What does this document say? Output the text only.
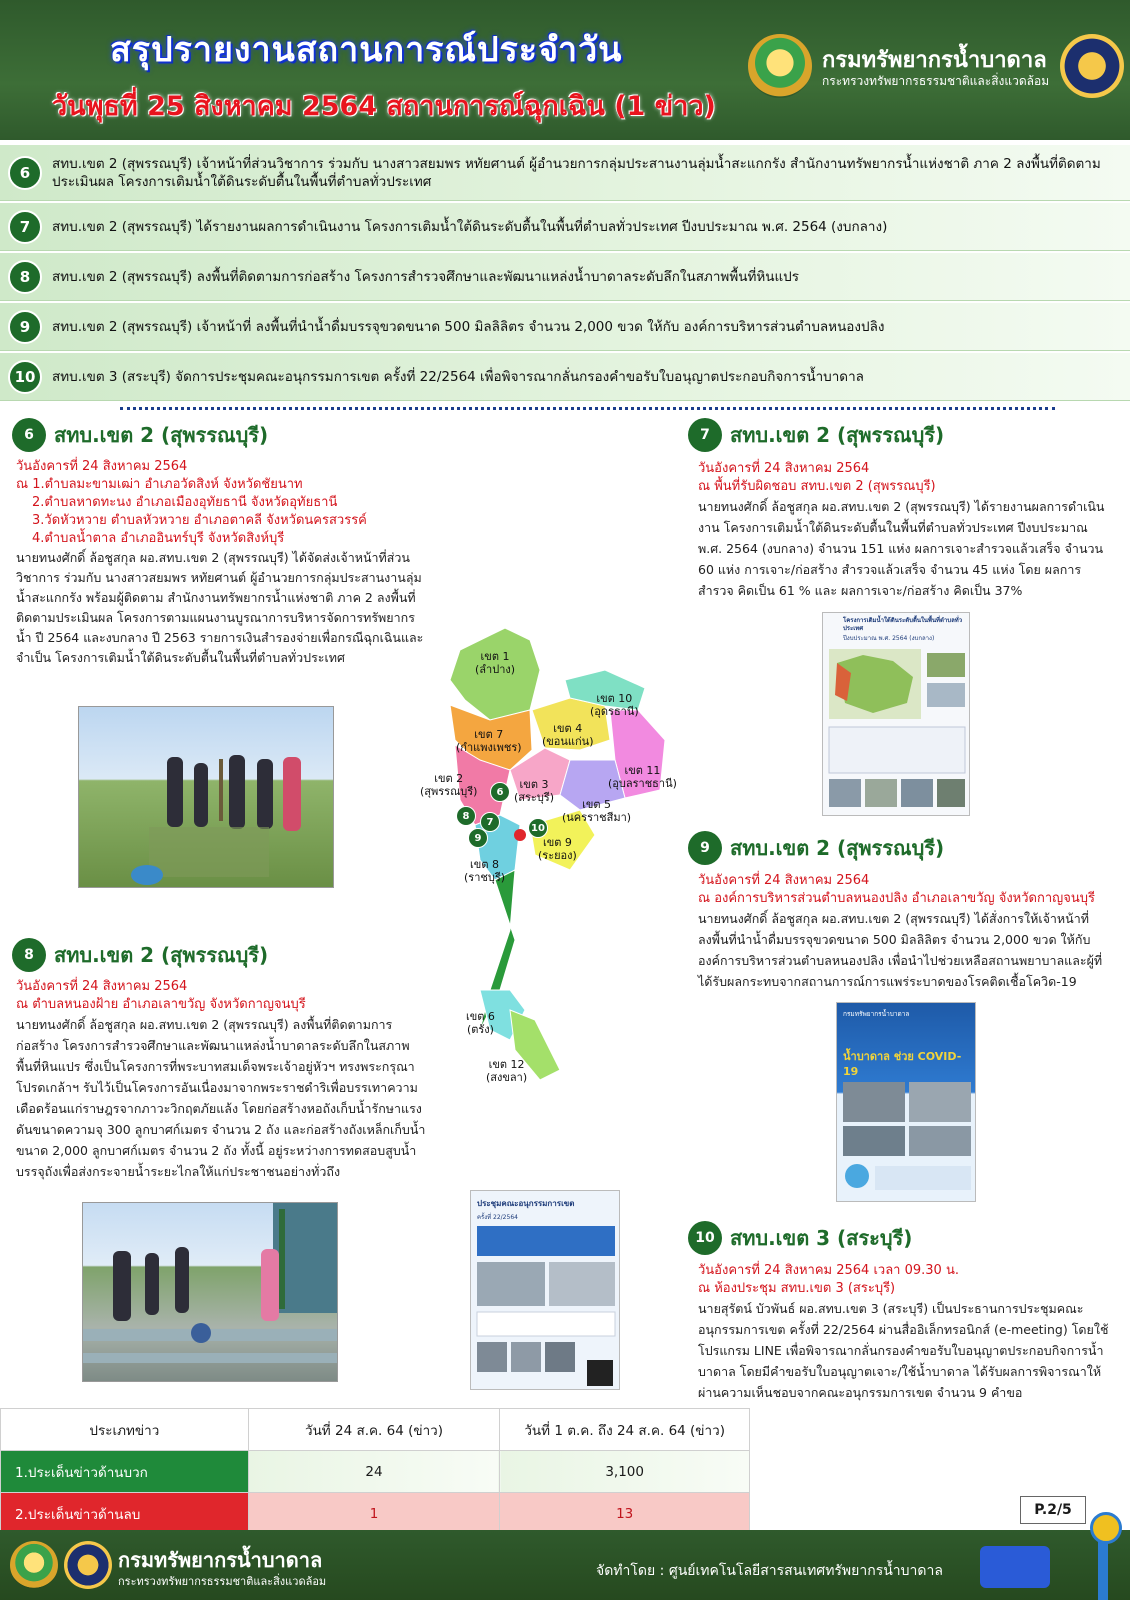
สรุปรายงานสถานการณ์ประจำวัน
วันพุธที่ 25 สิงหาคม 2564 สถานการณ์ฉุกเฉิน (1 ข่าว)
กรมทรัพยากรน้ำบาดาล
กระทรวงทรัพยากรธรรมชาติและสิ่งแวดล้อม
6	สทบ.เขต 2 (สุพรรณบุรี) เจ้าหน้าที่ส่วนวิชาการ ร่วมกับ นางสาวสยมพร หทัยศานต์ ผู้อำนวยการกลุ่มประสานงานลุ่มน้ำสะแกกรัง สำนักงานทรัพยากรน้ำแห่งชาติ ภาค 2 ลงพื้นที่ติดตามประเมินผล โครงการเติมน้ำใต้ดินระดับตื้นในพื้นที่ตำบลทั่วประเทศ
7	สทบ.เขต 2 (สุพรรณบุรี) ได้รายงานผลการดำเนินงาน โครงการเติมน้ำใต้ดินระดับตื้นในพื้นที่ตำบลทั่วประเทศ ปีงบประมาณ พ.ศ. 2564 (งบกลาง)
8	สทบ.เขต 2 (สุพรรณบุรี) ลงพื้นที่ติดตามการก่อสร้าง โครงการสำรวจศึกษาและพัฒนาแหล่งน้ำบาดาลระดับลึกในสภาพพื้นที่หินแปร
9	สทบ.เขต 2 (สุพรรณบุรี) เจ้าหน้าที่ ลงพื้นที่นำน้ำดื่มบรรจุขวดขนาด 500 มิลลิลิตร จำนวน 2,000 ขวด ให้กับ องค์การบริหารส่วนตำบลหนองปลิง
10	สทบ.เขต 3 (สระบุรี) จัดการประชุมคณะอนุกรรมการเขต ครั้งที่ 22/2564 เพื่อพิจารณากลั่นกรองคำขอรับใบอนุญาตประกอบกิจการน้ำบาดาล
6	สทบ.เขต 2 (สุพรรณบุรี)
วันอังคารที่ 24 สิงหาคม 2564
ณ 1.ตำบลมะขามเฒ่า อำเภอวัดสิงห์ จังหวัดชัยนาท
2.ตำบลหาดทะนง อำเภอเมืองอุทัยธานี จังหวัดอุทัยธานี
3.วัดหัวหวาย ตำบลหัวหวาย อำเภอตาคลี จังหวัดนครสวรรค์
4.ตำบลน้ำตาล อำเภออินทร์บุรี จังหวัดสิงห์บุรี
นายทนงศักดิ์ ล้อชูสกุล ผอ.สทบ.เขต 2 (สุพรรณบุรี) ได้จัดส่งเจ้าหน้าที่ส่วนวิชาการ ร่วมกับ นางสาวสยมพร หทัยศานต์ ผู้อำนวยการกลุ่มประสานงานลุ่มน้ำสะแกกรัง พร้อมผู้ติดตาม สำนักงานทรัพยากรน้ำแห่งชาติ ภาค 2 ลงพื้นที่ติดตามประเมินผล โครงการตามแผนงานบูรณาการบริหารจัดการทรัพยากรน้ำ ปี 2564 และงบกลาง ปี 2563 รายการเงินสำรองจ่ายเพื่อกรณีฉุกเฉินและจำเป็น โครงการเติมน้ำใต้ดินระดับตื้นในพื้นที่ตำบลทั่วประเทศ	เขต 1
(ลำปาง)
เขต 7
(กำแพงเพชร)
เขต 4
(ขอนแก่น)
เขต 10
(อุดรธานี)
เขต 11
(อุบลราชธานี)
เขต 2
(สุพรรณบุรี)
เขต 3
(สระบุรี)
เขต 5
(นครราชสีมา)
เขต 9
(ระยอง)
เขต 8
(ราชบุรี)
เขต 6
(ตรัง)
เขต 12
(สงขลา)
6
8
7
9
10
7	สทบ.เขต 2 (สุพรรณบุรี)
วันอังคารที่ 24 สิงหาคม 2564
ณ พื้นที่รับผิดชอบ สทบ.เขต 2 (สุพรรณบุรี)
นายทนงศักดิ์ ล้อชูสกุล ผอ.สทบ.เขต 2 (สุพรรณบุรี) ได้รายงานผลการดำเนินงาน โครงการเติมน้ำใต้ดินระดับตื้นในพื้นที่ตำบลทั่วประเทศ ปีงบประมาณ พ.ศ. 2564 (งบกลาง) จำนวน 151 แห่ง ผลการเจาะสำรวจแล้วเสร็จ จำนวน 60 แห่ง การเจาะ/ก่อสร้าง สำรวจแล้วเสร็จ จำนวน 45 แห่ง โดย ผลการสำรวจ คิดเป็น 61 % และ ผลการเจาะ/ก่อสร้าง คิดเป็น 37%
โครงการเติมน้ำใต้ดินระดับตื้นในพื้นที่ตำบลทั่วประเทศ
ปีงบประมาณ พ.ศ. 2564 (งบกลาง)
9	สทบ.เขต 2 (สุพรรณบุรี)
วันอังคารที่ 24 สิงหาคม 2564
ณ องค์การบริหารส่วนตำบลหนองปลิง อำเภอเลาขวัญ จังหวัดกาญจนบุรี
นายทนงศักดิ์ ล้อชูสกุล ผอ.สทบ.เขต 2 (สุพรรณบุรี) ได้สั่งการให้เจ้าหน้าที่ลงพื้นที่นำน้ำดื่มบรรจุขวดขนาด 500 มิลลิลิตร จำนวน 2,000 ขวด ให้กับ องค์การบริหารส่วนตำบลหนองปลิง เพื่อนำไปช่วยเหลือสถานพยาบาลและผู้ที่ได้รับผลกระทบจากสถานการณ์การแพร่ระบาดของโรคติดเชื้อโควิด-19
กรมทรัพยากรน้ำบาดาล
น้ำบาดาล ช่วย COVID-19
8	สทบ.เขต 2 (สุพรรณบุรี)
วันอังคารที่ 24 สิงหาคม 2564
ณ ตำบลหนองฝ้าย อำเภอเลาขวัญ จังหวัดกาญจนบุรี
นายทนงศักดิ์ ล้อชูสกุล ผอ.สทบ.เขต 2 (สุพรรณบุรี) ลงพื้นที่ติดตามการก่อสร้าง โครงการสำรวจศึกษาและพัฒนาแหล่งน้ำบาดาลระดับลึกในสภาพพื้นที่หินแปร ซึ่งเป็นโครงการที่พระบาทสมเด็จพระเจ้าอยู่หัวฯ ทรงพระกรุณาโปรดเกล้าฯ รับไว้เป็นโครงการอันเนื่องมาจากพระราชดำริเพื่อบรรเทาความเดือดร้อนแก่ราษฎรจากภาวะวิกฤตภัยแล้ง โดยก่อสร้างหอถังเก็บน้ำรักษาแรงดันขนาดความจุ 300 ลูกบาศก์เมตร จำนวน 2 ถัง และก่อสร้างถังเหล็กเก็บน้ำขนาด 2,000 ลูกบาศก์เมตร จำนวน 2 ถัง ทั้งนี้ อยู่ระหว่างการทดสอบสูบน้ำบรรจุถังเพื่อส่งกระจายน้ำระยะไกลให้แก่ประชาชนอย่างทั่วถึง
ประชุมคณะอนุกรรมการเขต
ครั้งที่ 22/2564
10 สทบ.เขต 3 (สระบุรี)
วันอังคารที่ 24 สิงหาคม 2564 เวลา 09.30 น.
ณ ห้องประชุม สทบ.เขต 3 (สระบุรี)
นายสุรัตน์ บัวพันธ์ ผอ.สทบ.เขต 3 (สระบุรี) เป็นประธานการประชุมคณะอนุกรรมการเขต ครั้งที่ 22/2564 ผ่านสื่ออิเล็กทรอนิกส์ (e-meeting) โดยใช้โปรแกรม LINE เพื่อพิจารณากลั่นกรองคำขอรับใบอนุญาตประกอบกิจการน้ำบาดาล โดยมีคำขอรับใบอนุญาตเจาะ/ใช้น้ำบาดาล ได้รับผลการพิจารณาให้ผ่านความเห็นชอบจากคณะอนุกรรมการเขต จำนวน 9 คำขอ
ประเภทข่าว	วันที่ 24 ส.ค. 64 (ข่าว)	วันที่ 1 ต.ค. ถึง 24 ส.ค. 64 (ข่าว)
1.ประเด็นข่าวด้านบวก	24	3,100
2.ประเด็นข่าวด้านลบ	1	13	P.2/5
กรมทรัพยากรน้ำบาดาล
กระทรวงทรัพยากรธรรมชาติและสิ่งแวดล้อม
จัดทำโดย : ศูนย์เทคโนโลยีสารสนเทศทรัพยากรน้ำบาดาล
